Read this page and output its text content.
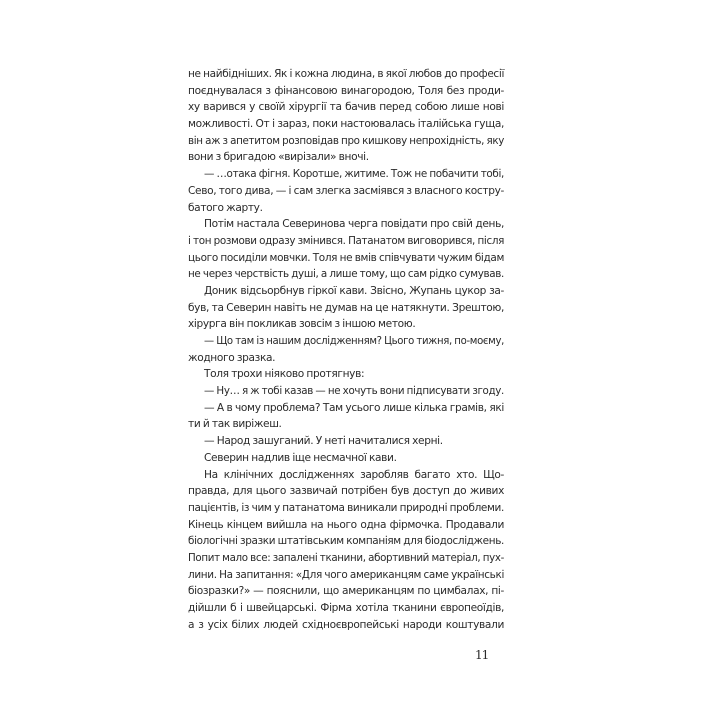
не найбідніших. Як і кожна людина, в якої любов до професії
поєднувалася з фінансовою винагородою, Толя без проди-
ху варився у своїй хірургії та бачив перед собою лише нові
можливості. От і зараз, поки настоювалась італійська гуща,
він аж з апетитом розповідав про кишкову непрохідність, яку
вони з бригадою «вирізали» вночі.
— …отака фігня. Коротше, житиме. Тож не побачити тобі,
Сево, того дива, — і сам злегка засміявся з власного костру-
батого жарту.
Потім настала Северинова черга повідати про свій день,
і тон розмови одразу змінився. Патанатом виговорився, після
цього посиділи мовчки. Толя не вмів співчувати чужим бідам
не через черствість душі, а лише тому, що сам рідко сумував.
Доник відсьорбнув гіркої кави. Звісно, Жупань цукор за-
був, та Северин навіть не думав на це натякнути. Зрештою,
хірурга він покликав зовсім з іншою метою.
— Що там із нашим дослідженням? Цього тижня, по-моєму,
жодного зразка.
Толя трохи ніяково протягнув:
— Ну… я ж тобі казав — не хочуть вони підписувати згоду.
— А в чому проблема? Там усього лише кілька грамів, які
ти й так виріжеш.
— Народ зашуганий. У неті начиталися херні.
Северин надлив іще несмачної кави.
На клінічних дослідженнях заробляв багато хто. Що-
правда, для цього зазвичай потрібен був доступ до живих
пацієнтів, із чим у патанатома виникали природні проблеми.
Кінець кінцем вийшла на нього одна фірмочка. Продавали
біологічні зразки штатівським компаніям для біодосліджень.
Попит мало все: запалені тканини, абортивний матеріал, пух-
лини. На запитання: «Для чого американцям саме українські
біозразки?» — пояснили, що американцям по цимбалах, пі-
дійшли б і швейцарські. Фірма хотіла тканини європеоїдів,
а з усіх білих людей східноєвропейські народи коштували
11
